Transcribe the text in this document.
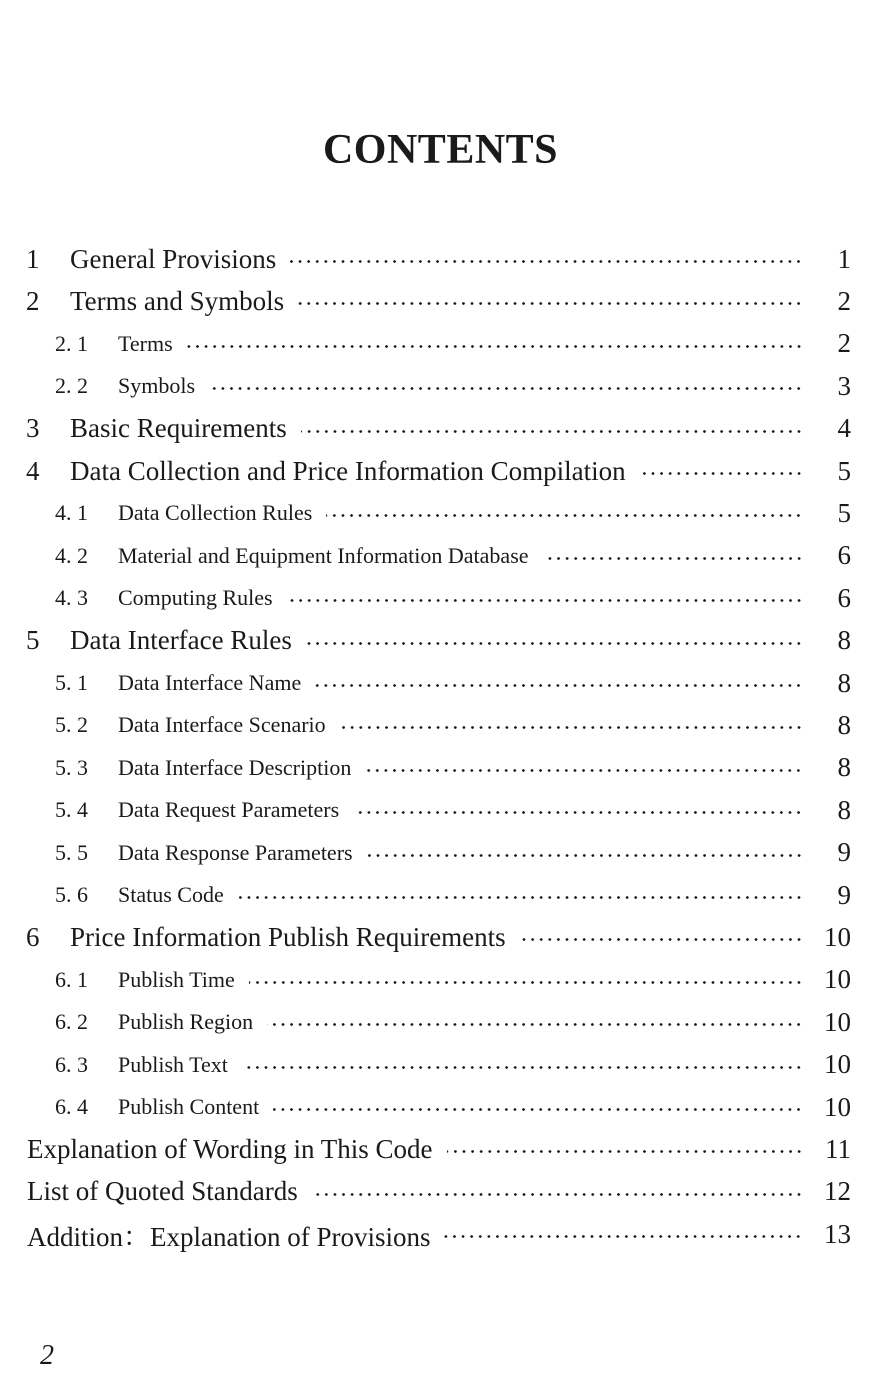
CONTENTS
1	General Provisions	1
2	Terms and Symbols	2
2. 1	Terms	2
2. 2	Symbols	3
3	Basic Requirements	4
4	Data Collection and Price Information Compilation	5
4. 1	Data Collection Rules	5
4. 2	Material and Equipment Information Database	6
4. 3	Computing Rules	6
5	Data Interface Rules	8
5. 1	Data Interface Name	8
5. 2	Data Interface Scenario	8
5. 3	Data Interface Description	8
5. 4	Data Request Parameters	8
5. 5	Data Response Parameters	9
5. 6	Status Code	9
6	Price Information Publish Requirements	10
6. 1	Publish Time	10
6. 2	Publish Region	10
6. 3	Publish Text	10
6. 4	Publish Content	10
Explanation of Wording in This Code	11
List of Quoted Standards	12
Addition：Explanation of Provisions	13
2
